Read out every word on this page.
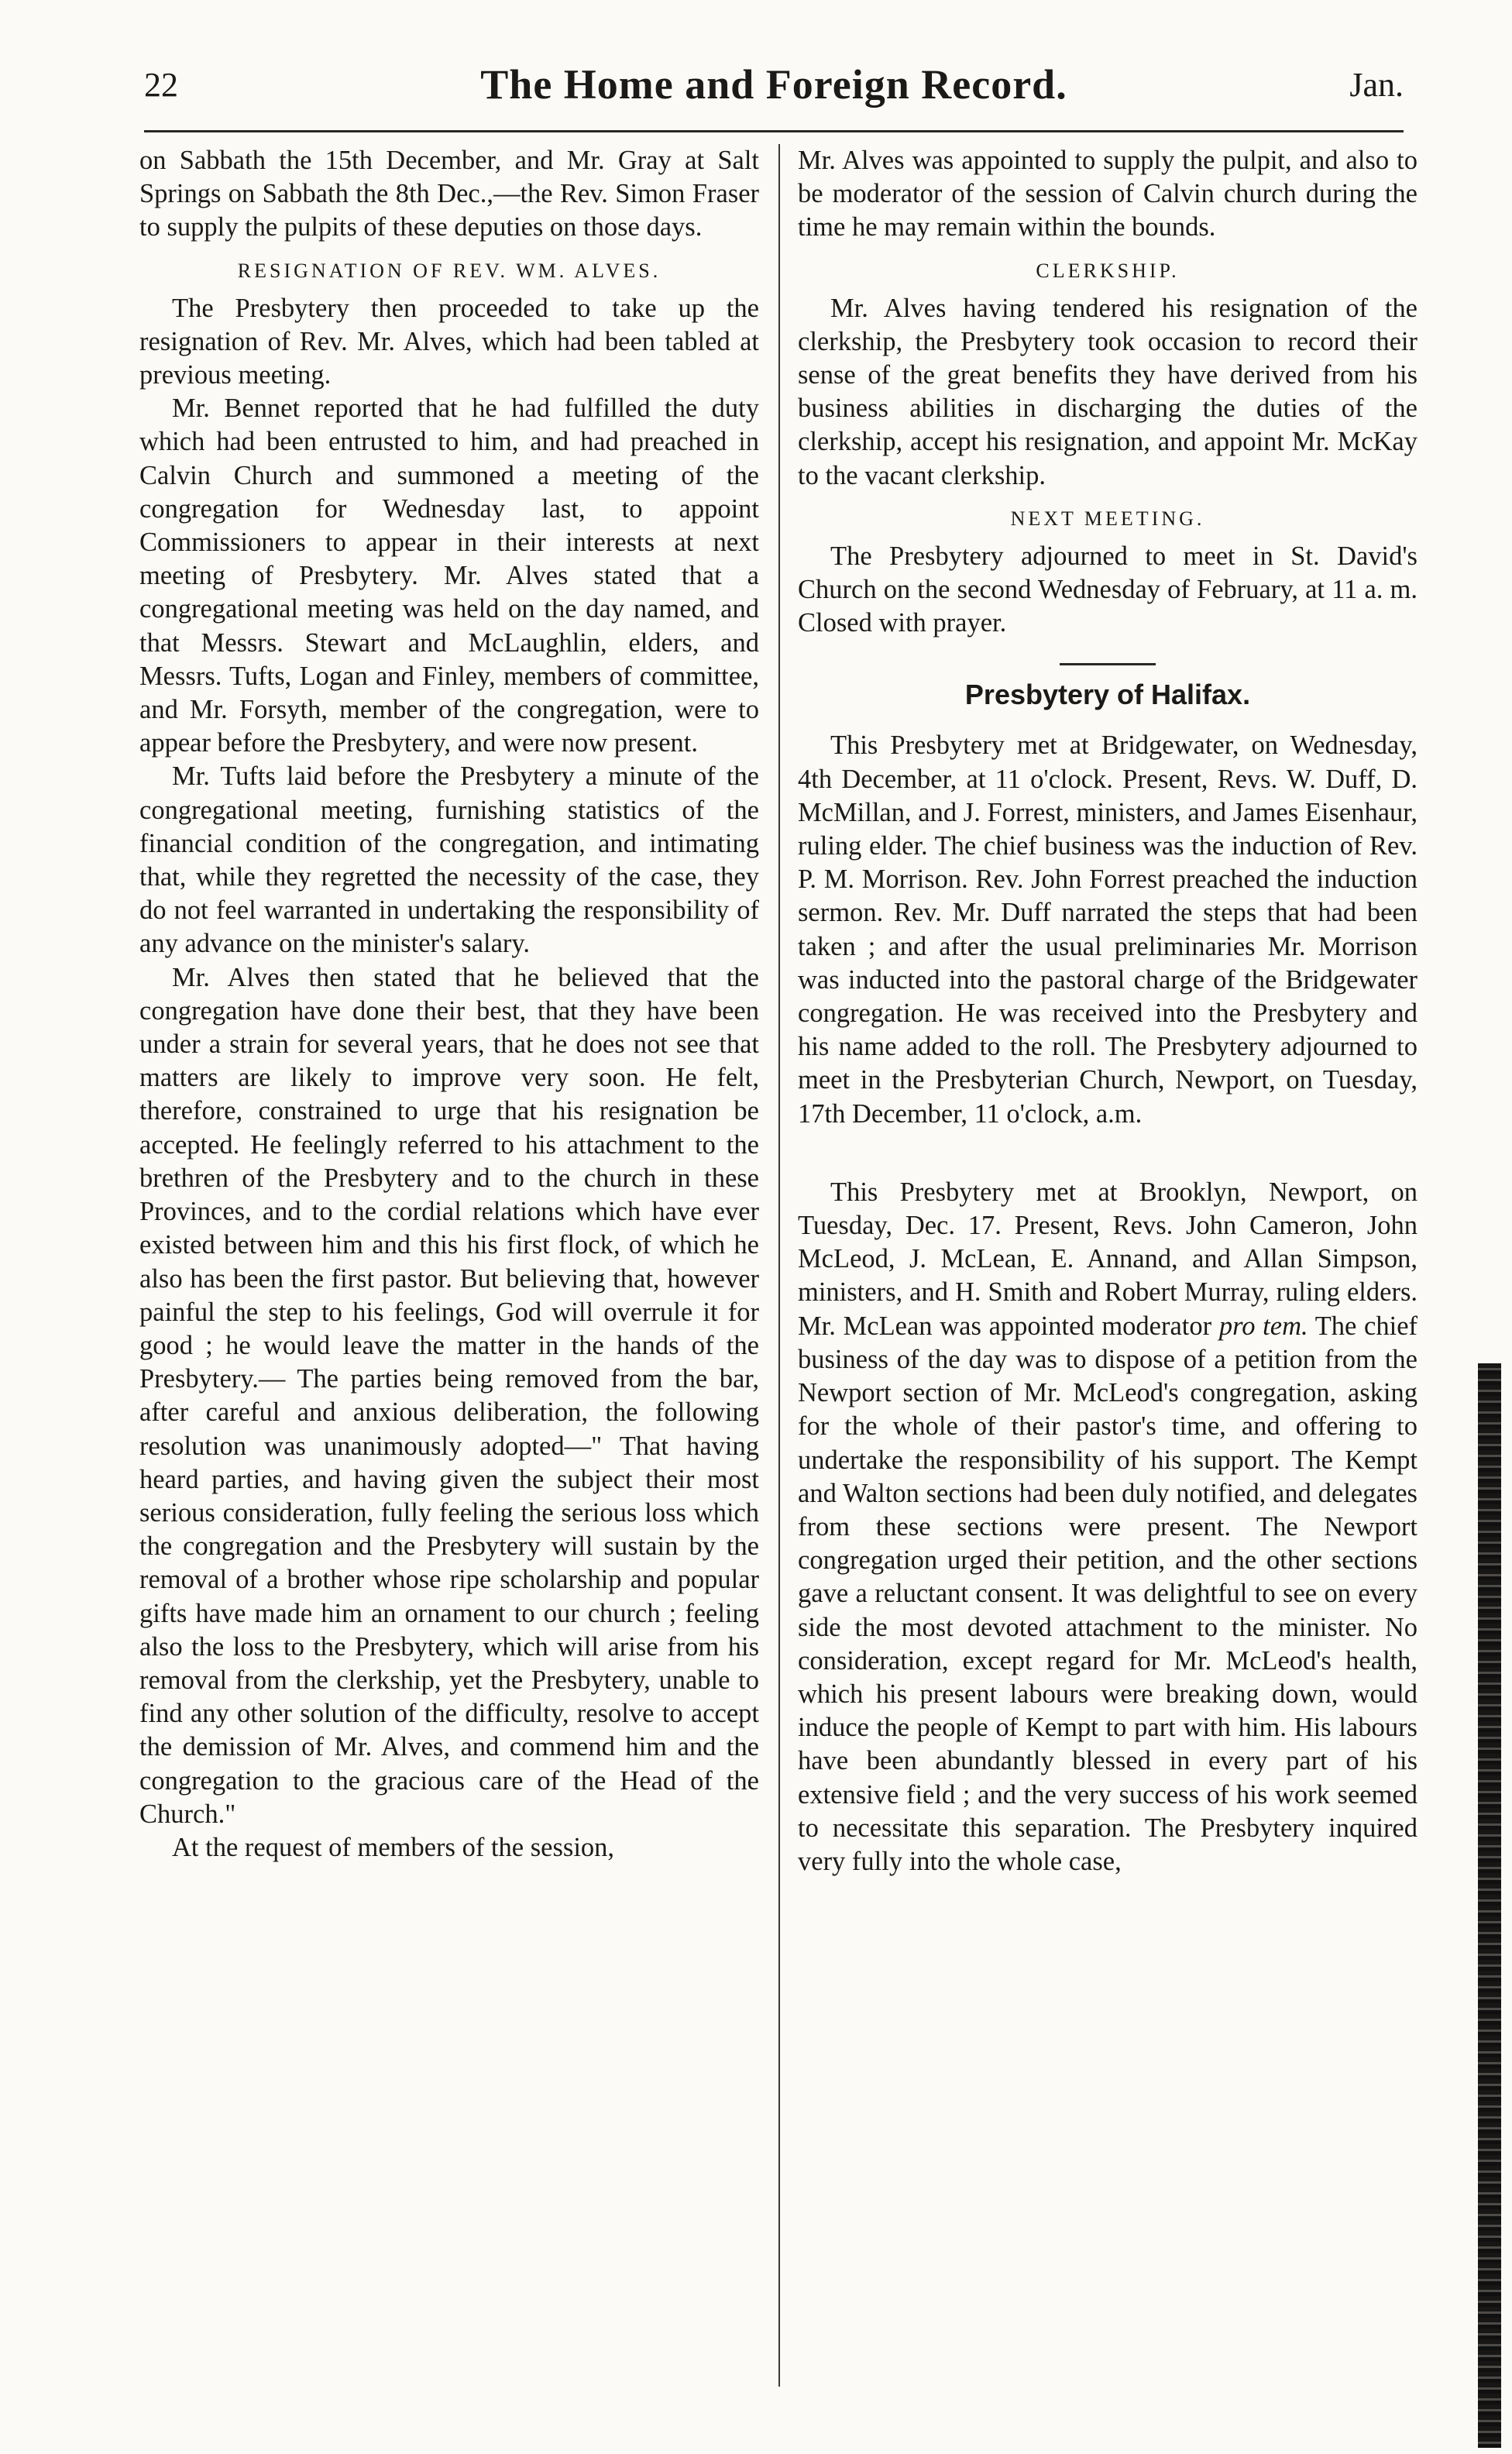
22	The Home and Foreign Record.	Jan.

on Sabbath the 15th December, and Mr. Gray at Salt Springs on Sabbath the 8th Dec.,—the Rev. Simon Fraser to supply the pulpits of these deputies on those days.

RESIGNATION OF REV. WM. ALVES.

The Presbytery then proceeded to take up the resignation of Rev. Mr. Alves, which had been tabled at previous meeting.

Mr. Bennet reported that he had fulfilled the duty which had been entrusted to him, and had preached in Calvin Church and summoned a meeting of the congregation for Wednesday last, to appoint Commissioners to appear in their interests at next meeting of Presbytery. Mr. Alves stated that a congregational meeting was held on the day named, and that Messrs. Stewart and McLaughlin, elders, and Messrs. Tufts, Logan and Finley, members of committee, and Mr. Forsyth, member of the congregation, were to appear before the Presbytery, and were now present.

Mr. Tufts laid before the Presbytery a minute of the congregational meeting, furnishing statistics of the financial condition of the congregation, and intimating that, while they regretted the necessity of the case, they do not feel warranted in undertaking the responsibility of any advance on the minister's salary.

Mr. Alves then stated that he believed that the congregation have done their best, that they have been under a strain for several years, that he does not see that matters are likely to improve very soon. He felt, therefore, constrained to urge that his resignation be accepted. He feelingly referred to his attachment to the brethren of the Presbytery and to the church in these Provinces, and to the cordial relations which have ever existed between him and this his first flock, of which he also has been the first pastor. But believing that, however painful the step to his feelings, God will overrule it for good ; he would leave the matter in the hands of the Presbytery.— The parties being removed from the bar, after careful and anxious deliberation, the following resolution was unanimously adopted—" That having heard parties, and having given the subject their most serious consideration, fully feeling the serious loss which the congregation and the Presbytery will sustain by the removal of a brother whose ripe scholarship and popular gifts have made him an ornament to our church ; feeling also the loss to the Presbytery, which will arise from his removal from the clerkship, yet the Presbytery, unable to find any other solution of the difficulty, resolve to accept the demission of Mr. Alves, and commend him and the congregation to the gracious care of the Head of the Church."

At the request of members of the session,

Mr. Alves was appointed to supply the pulpit, and also to be moderator of the session of Calvin church during the time he may remain within the bounds.

CLERKSHIP.

Mr. Alves having tendered his resignation of the clerkship, the Presbytery took occasion to record their sense of the great benefits they have derived from his business abilities in discharging the duties of the clerkship, accept his resignation, and appoint Mr. McKay to the vacant clerkship.

NEXT MEETING.

The Presbytery adjourned to meet in St. David's Church on the second Wednesday of February, at 11 a. m. Closed with prayer.

Presbytery of Halifax.

This Presbytery met at Bridgewater, on Wednesday, 4th December, at 11 o'clock. Present, Revs. W. Duff, D. McMillan, and J. Forrest, ministers, and James Eisenhaur, ruling elder. The chief business was the induction of Rev. P. M. Morrison. Rev. John Forrest preached the induction sermon. Rev. Mr. Duff narrated the steps that had been taken ; and after the usual preliminaries Mr. Morrison was inducted into the pastoral charge of the Bridgewater congregation. He was received into the Presbytery and his name added to the roll. The Presbytery adjourned to meet in the Presbyterian Church, Newport, on Tuesday, 17th December, 11 o'clock, a.m.

This Presbytery met at Brooklyn, Newport, on Tuesday, Dec. 17. Present, Revs. John Cameron, John McLeod, J. McLean, E. Annand, and Allan Simpson, ministers, and H. Smith and Robert Murray, ruling elders. Mr. McLean was appointed moderator pro tem. The chief business of the day was to dispose of a petition from the Newport section of Mr. McLeod's congregation, asking for the whole of their pastor's time, and offering to undertake the responsibility of his support. The Kempt and Walton sections had been duly notified, and delegates from these sections were present. The Newport congregation urged their petition, and the other sections gave a reluctant consent. It was delightful to see on every side the most devoted attachment to the minister. No consideration, except regard for Mr. McLeod's health, which his present labours were breaking down, would induce the people of Kempt to part with him. His labours have been abundantly blessed in every part of his extensive field ; and the very success of his work seemed to necessitate this separation. The Presbytery inquired very fully into the whole case,
